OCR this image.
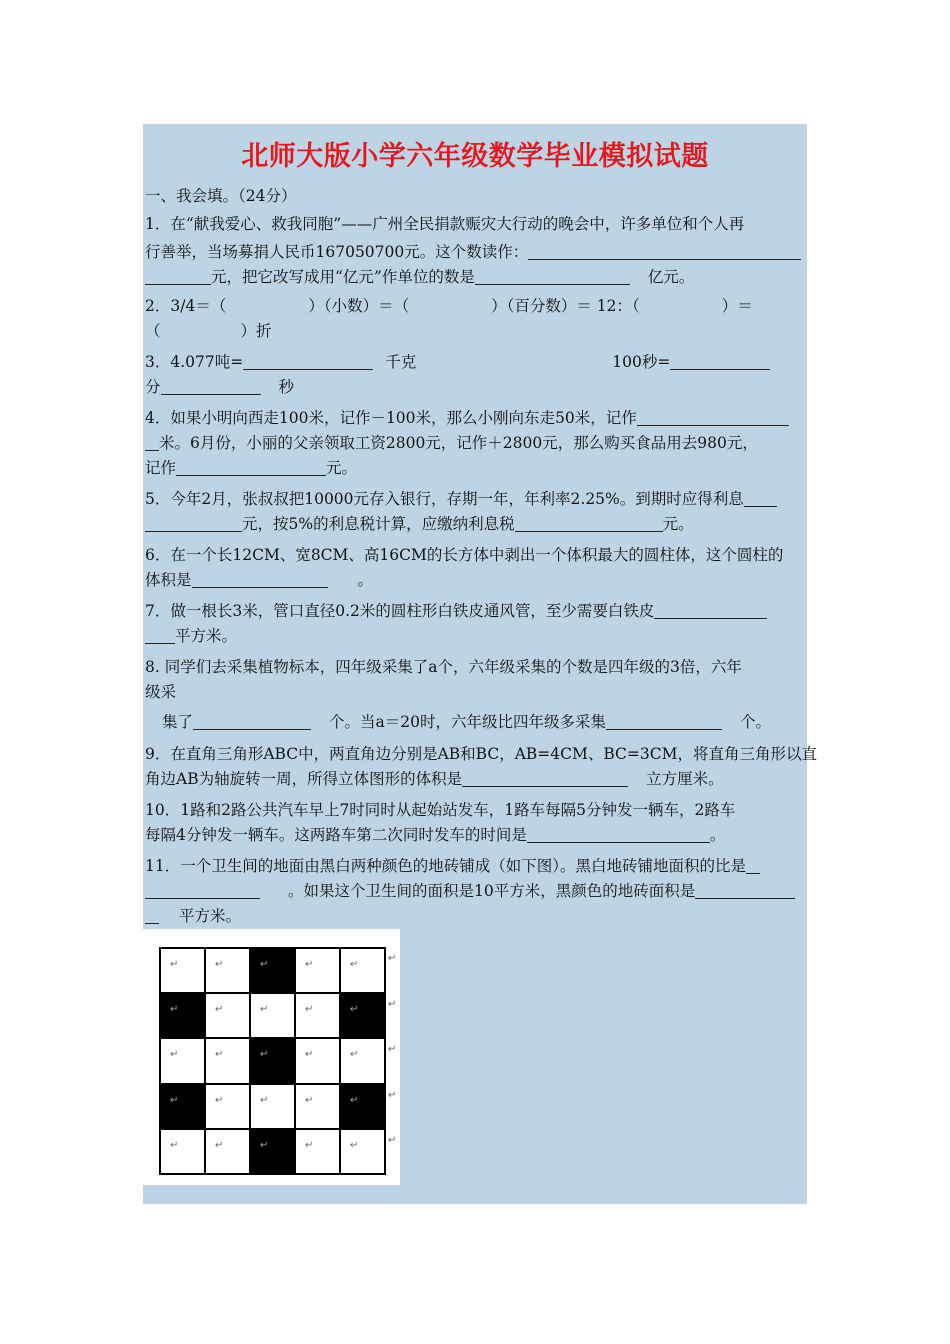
北师大版小学六年级数学毕业模拟试题
一、我会填。（24分）
1．在“献我爱心、救我同胞”——广州全民捐款赈灾大行动的晚会中，许多单位和个人再
行善举，当场募捐人民币167050700元。这个数读作：
元，把它改写成用“亿元”作单位的数是	亿元。
2．3/4＝（	）（小数）＝（	）（百分数）＝ 12：（	）＝
（	）折
3．4.077吨=	千克	100秒=
分	秒
4．如果小明向西走100米，记作－100米，那么小刚向东走50米，记作
米。6月份，小丽的父亲领取工资2800元，记作＋2800元，那么购买食品用去980元，
记作	元。
5．今年2月，张叔叔把10000元存入银行，存期一年，年利率2.25%。到期时应得利息
元，按5%的利息税计算，应缴纳利息税	元。
6．在一个长12CM、宽8CM、高16CM的长方体中剥出一个体积最大的圆柱体，这个圆柱的
体积是	。
7．做一根长3米，管口直径0.2米的圆柱形白铁皮通风管，至少需要白铁皮
平方米。
8. 同学们去采集植物标本，四年级采集了a个，六年级采集的个数是四年级的3倍，六年
级采
集了	个。当a＝20时，六年级比四年级多采集	个。
9．在直角三角形ABC中，两直角边分别是AB和BC，AB=4CM、BC=3CM，将直角三角形以直
角边AB为轴旋转一周，所得立体图形的体积是	立方厘米。
10．1路和2路公共汽车早上7时同时从起始站发车，1路车每隔5分钟发一辆车，2路车
每隔4分钟发一辆车。这两路车第二次同时发车的时间是	。
11．一个卫生间的地面由黑白两种颜色的地砖铺成（如下图）。黑白地砖铺地面积的比是
。如果这个卫生间的面积是10平方米，黑颜色的地砖面积是
平方米。
↵	↵	↵	↵	↵
↵	↵	↵	↵	↵
↵	↵	↵	↵	↵
↵	↵	↵	↵	↵
↵	↵	↵	↵	↵
↵
↵
↵
↵
↵
